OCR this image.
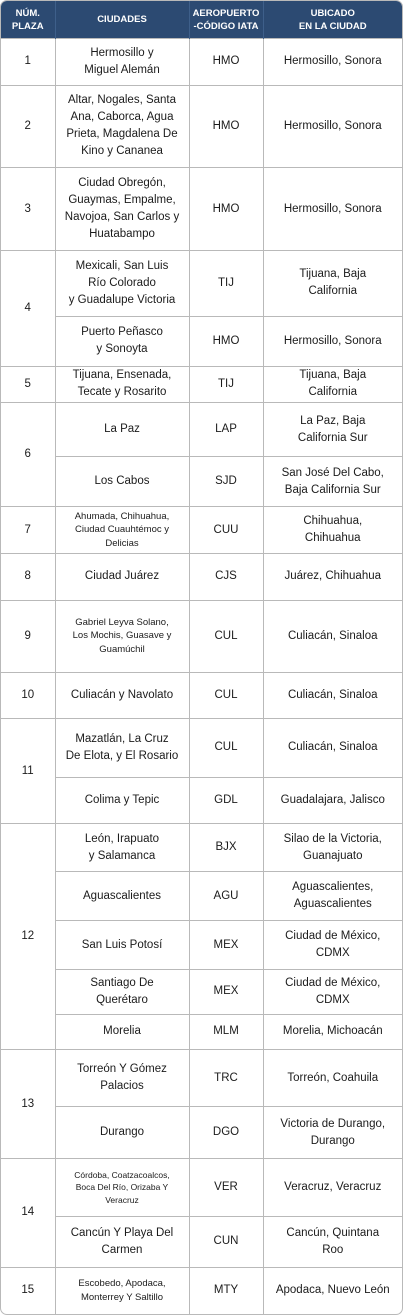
NÚM.
PLAZA	CIUDADES	AEROPUERTO
-CÓDIGO IATA	UBICADO
EN LA CIUDAD
1	Hermosillo y
Miguel Alemán	HMO	Hermosillo, Sonora
2	Altar, Nogales, Santa
Ana, Caborca, Agua
Prieta, Magdalena De
Kino y Cananea	HMO	Hermosillo, Sonora
3	Ciudad Obregón,
Guaymas, Empalme,
Navojoa, San Carlos y
Huatabampo	HMO	Hermosillo, Sonora
4	Mexicali, San Luis
Río Colorado
y Guadalupe Victoria	TIJ	Tijuana, Baja
California
	Puerto Peñasco
y Sonoyta	HMO	Hermosillo, Sonora
5	Tijuana, Ensenada,
Tecate y Rosarito	TIJ	Tijuana, Baja
California
6	La Paz	LAP	La Paz, Baja
California Sur
	Los Cabos	SJD	San José Del Cabo,
Baja California Sur
7	Ahumada, Chihuahua,
Ciudad Cuauhtémoc y
Delicias	CUU	Chihuahua,
Chihuahua
8	Ciudad Juárez	CJS	Juárez, Chihuahua
9	Gabriel Leyva Solano,
Los Mochis, Guasave y
Guamúchil	CUL	Culiacán, Sinaloa
10	Culiacán y Navolato	CUL	Culiacán, Sinaloa
11	Mazatlán, La Cruz
De Elota, y El Rosario	CUL	Culiacán, Sinaloa
	Colima y Tepic	GDL	Guadalajara, Jalisco
12	León, Irapuato
y Salamanca	BJX	Silao de la Victoria,
Guanajuato
	Aguascalientes	AGU	Aguascalientes,
Aguascalientes
	San Luis Potosí	MEX	Ciudad de México,
CDMX
	Santiago De
Querétaro	MEX	Ciudad de México,
CDMX
	Morelia	MLM	Morelia, Michoacán
13	Torreón Y Gómez
Palacios	TRC	Torreón, Coahuila
	Durango	DGO	Victoria de Durango,
Durango
14	Córdoba, Coatzacoalcos,
Boca Del Río, Orizaba Y
Veracruz	VER	Veracruz, Veracruz
	Cancún Y Playa Del
Carmen	CUN	Cancún, Quintana
Roo
15	Escobedo, Apodaca,
Monterrey Y Saltillo	MTY	Apodaca, Nuevo León
